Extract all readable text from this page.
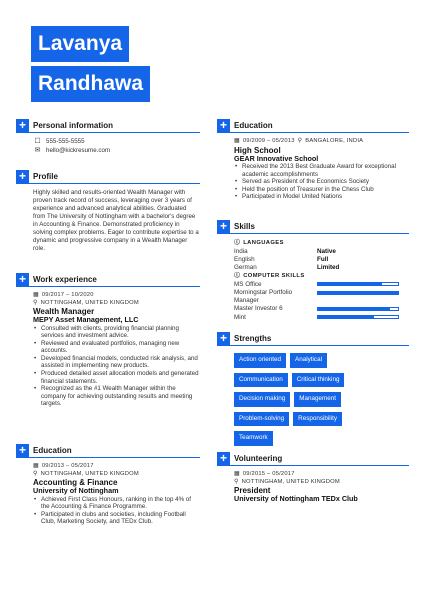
Lavanya
Randhawa
+ Personal information
☐ 555-555-5555
✉ hello@kickresume.com
+ Profile

Highly skilled and results-oriented Wealth Manager with proven track record of success, leveraging over 3 years of experience and advanced analytical abilities. Graduated from The University of Nottingham with a bachelor's degree in Accounting & Finance. Demonstrated proficiency in solving complex problems. Eager to contribute expertise to a dynamic and progressive company in a Wealth Manager role.

+ Work experience
▦ 09/2017 – 10/2020
⚲ NOTTINGHAM, UNITED KINGDOM
Wealth Manager
MEPY Asset Management, LLC
• Consulted with clients, providing financial planning services and investment advice.
• Reviewed and evaluated portfolios, managing new accounts.
• Developed financial models, conducted risk analysis, and assisted in implementing new products.
• Produced detailed asset allocation models and generated financial statements.
• Recognized as the #1 Wealth Manager within the company for achieving outstanding results and meeting targets.
+ Education
▦ 09/2013 – 05/2017
⚲ NOTTINGHAM, UNITED KINGDOM
Accounting & Finance
University of Nottingham
• Achieved First Class Honours, ranking in the top 4% of the Accounting & Finance Programme.
• Participated in clubs and societies, including Football Club, Marketing Society, and TEDx Club.
+ Education
▦ 09/2009 – 05/2013 ⚲ BANGALORE, INDIA
High School
GEAR Innovative School
• Received the 2013 Best Graduate Award for exceptional academic accomplishments
• Served as President of the Economics Society
• Held the position of Treasurer in the Chess Club
• Participated in Model United Nations
+ Skills
ⓘ LANGUAGES
India	Native
English	Full
German	Limited
ⓘ COMPUTER SKILLS
MS Office
Morningstar Portfolio Manager
Master Investor 6
Mint
+ Strengths
Action oriented	Analytical
Communication	Critical thinking
Decision making	Management
Problem-solving	Responsibility
Teamwork
+ Volunteering
▦ 09/2015 – 05/2017
⚲ NOTTINGHAM, UNITED KINGDOM
President
University of Nottingham TEDx Club
